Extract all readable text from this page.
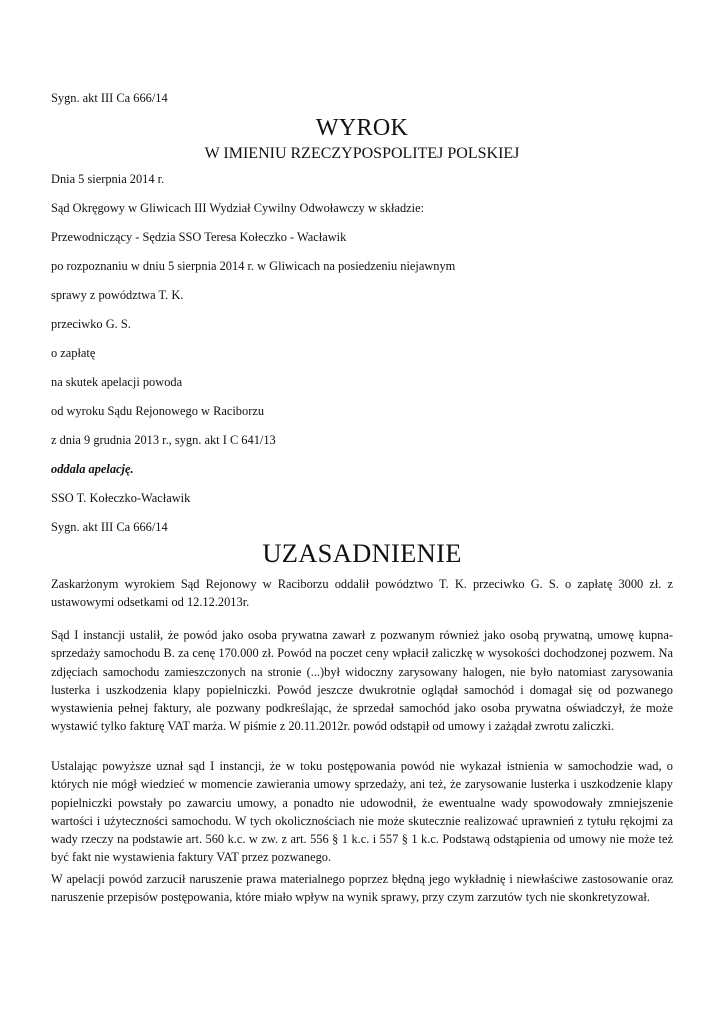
Sygn. akt III Ca 666/14
WYROK
W IMIENIU RZECZYPOSPOLITEJ POLSKIEJ
Dnia 5 sierpnia 2014 r.
Sąd Okręgowy w Gliwicach III Wydział Cywilny Odwoławczy w składzie:
Przewodniczący - Sędzia SSO Teresa Kołeczko - Wacławik
po rozpoznaniu w dniu 5 sierpnia 2014 r. w Gliwicach na posiedzeniu niejawnym
sprawy z powództwa T. K.
przeciwko G. S.
o zapłatę
na skutek apelacji powoda
od wyroku Sądu Rejonowego w Raciborzu
z dnia 9 grudnia 2013 r., sygn. akt I C 641/13
oddala apelację.
SSO T. Kołeczko-Wacławik
Sygn. akt III Ca 666/14
UZASADNIENIE
Zaskarżonym wyrokiem Sąd Rejonowy w Raciborzu oddalił powództwo T. K. przeciwko G. S. o zapłatę 3000 zł. z ustawowymi odsetkami od 12.12.2013r.
Sąd I instancji ustalił, że powód jako osoba prywatna zawarł z pozwanym również jako osobą prywatną, umowę kupna-sprzedaży samochodu B. za cenę 170.000 zł. Powód na poczet ceny wpłacił zaliczkę w wysokości dochodzonej pozwem. Na zdjęciach samochodu zamieszczonych na stronie (...)był widoczny zarysowany halogen, nie było natomiast zarysowania lusterka i uszkodzenia klapy popielniczki. Powód jeszcze dwukrotnie oglądał samochód i domagał się od pozwanego wystawienia pełnej faktury, ale pozwany podkreślając, że sprzedał samochód jako osoba prywatna oświadczył, że może wystawić tylko fakturę VAT marża. W piśmie z 20.11.2012r. powód odstąpił od umowy i zażądał zwrotu zaliczki.
Ustalając powyższe uznał sąd I instancji, że w toku postępowania powód nie wykazał istnienia w samochodzie wad, o których nie mógł wiedzieć w momencie zawierania umowy sprzedaży, ani też, że zarysowanie lusterka i uszkodzenie klapy popielniczki powstały po zawarciu umowy, a ponadto nie udowodnił, że ewentualne wady spowodowały zmniejszenie wartości i użyteczności samochodu. W tych okolicznościach nie może skutecznie realizować uprawnień z tytułu rękojmi za wady rzeczy na podstawie art. 560 k.c. w zw. z art. 556 § 1 k.c. i 557 § 1 k.c. Podstawą odstąpienia od umowy nie może też być fakt nie wystawienia faktury VAT przez pozwanego.
W apelacji powód zarzucił naruszenie prawa materialnego poprzez błędną jego wykładnię i niewłaściwe zastosowanie oraz naruszenie przepisów postępowania, które miało wpływ na wynik sprawy, przy czym zarzutów tych nie skonkretyzował.
